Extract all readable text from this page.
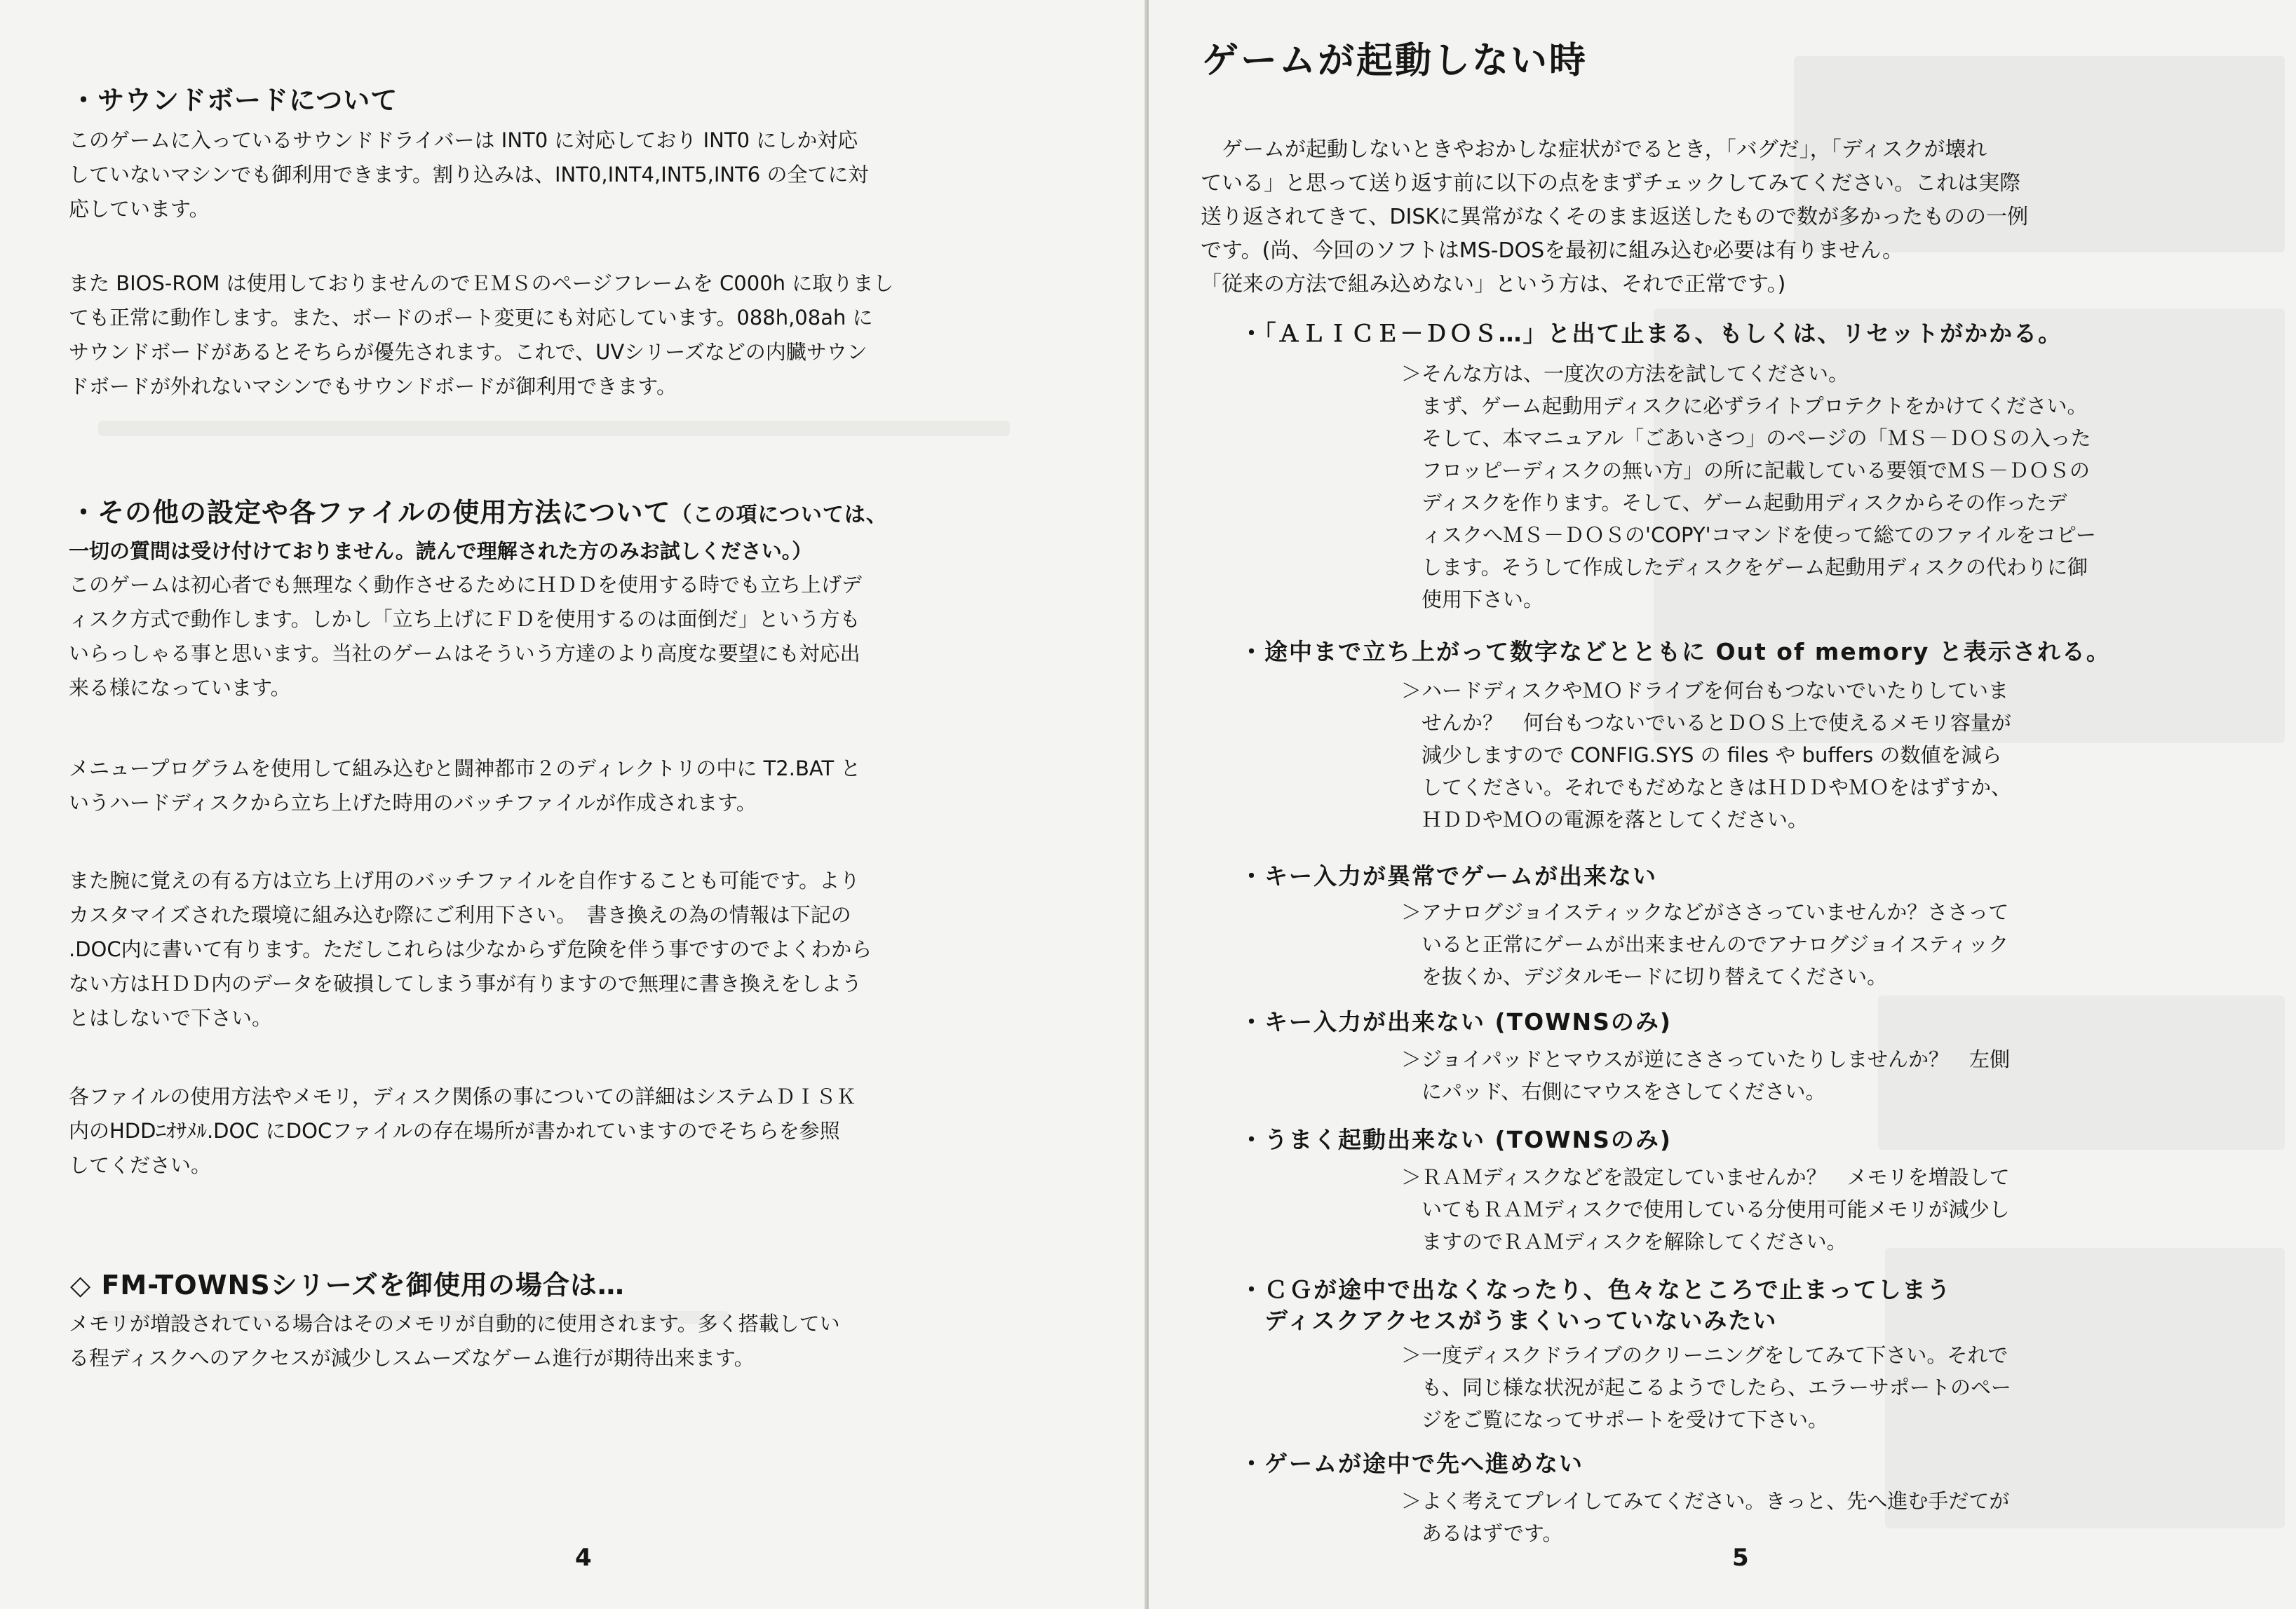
・サウンドボードについて
このゲームに入っているサウンドドライバーは INT0 に対応しており INT0 にしか対応
していないマシンでも御利用できます。割り込みは、INT0,INT4,INT5,INT6 の全てに対
応しています。
また BIOS-ROM は使用しておりませんのでＥＭＳのページフレームを C000h に取りまし
ても正常に動作します。また、ボードのポート変更にも対応しています。088h,08ah に
サウンドボードがあるとそちらが優先されます。これで、UVシリーズなどの内臓サウン
ドボードが外れないマシンでもサウンドボードが御利用できます。
・その他の設定や各ファイルの使用方法について（この項については、
一切の質問は受け付けておりません。読んで理解された方のみお試しください。）
このゲームは初心者でも無理なく動作させるためにＨＤＤを使用する時でも立ち上げデ
ィスク方式で動作します。しかし「立ち上げにＦＤを使用するのは面倒だ」という方も
いらっしゃる事と思います。当社のゲームはそういう方達のより高度な要望にも対応出
来る様になっています。
メニュープログラムを使用して組み込むと闘神都市２のディレクトリの中に T2.BAT と
いうハードディスクから立ち上げた時用のバッチファイルが作成されます。
また腕に覚えの有る方は立ち上げ用のバッチファイルを自作することも可能です。より
カスタマイズされた環境に組み込む際にご利用下さい。　書き換えの為の情報は下記の
.DOC内に書いて有ります。ただしこれらは少なからず危険を伴う事ですのでよくわから
ない方はＨＤＤ内のデータを破損してしまう事が有りますので無理に書き換えをしよう
とはしないで下さい。
各ファイルの使用方法やメモリ，ディスク関係の事についての詳細はシステムＤＩＳＫ
内のHDDﾆｵｻﾒﾙ.DOC にDOCファイルの存在場所が書かれていますのでそちらを参照
してください。
◇ FM-TOWNSシリーズを御使用の場合は…
メモリが増設されている場合はそのメモリが自動的に使用されます。多く搭載してい
る程ディスクへのアクセスが減少しスムーズなゲーム進行が期待出来ます。
4
ゲームが起動しない時
　ゲームが起動しないときやおかしな症状がでるとき，「バグだ」，「ディスクが壊れ
ている」と思って送り返す前に以下の点をまずチェックしてみてください。これは実際
送り返されてきて、DISKに異常がなくそのまま返送したもので数が多かったものの一例
です。(尚、今回のソフトはMS-DOSを最初に組み込む必要は有りません。
「従来の方法で組み込めない」という方は、それで正常です。)
・「ＡＬＩＣＥ－ＤＯＳ…」と出て止まる、もしくは、リセットがかかる。
＞そんな方は、一度次の方法を試してください。
　まず、ゲーム起動用ディスクに必ずライトプロテクトをかけてください。
　そして、本マニュアル「ごあいさつ」のページの「ＭＳ－ＤＯＳの入った
　フロッピーディスクの無い方」の所に記載している要領でＭＳ－ＤＯＳの
　ディスクを作ります。そして、ゲーム起動用ディスクからその作ったデ
　ィスクへＭＳ－ＤＯＳの'COPY'コマンドを使って総てのファイルをコピー
　します。そうして作成したディスクをゲーム起動用ディスクの代わりに御
　使用下さい。
・途中まで立ち上がって数字などとともに Out of memory と表示される。
＞ハードディスクやＭＯドライブを何台もつないでいたりしていま
　せんか？　何台もつないでいるとＤＯＳ上で使えるメモリ容量が
　減少しますので CONFIG.SYS の files や buffers の数値を減ら
　してください。それでもだめなときはＨＤＤやＭＯをはずすか、
　ＨＤＤやＭＯの電源を落としてください。
・キー入力が異常でゲームが出来ない
＞アナログジョイスティックなどがささっていませんか？ささって
　いると正常にゲームが出来ませんのでアナログジョイスティック
　を抜くか、デジタルモードに切り替えてください。
・キー入力が出来ない (TOWNSのみ)
＞ジョイパッドとマウスが逆にささっていたりしませんか？　左側
　にパッド、右側にマウスをさしてください。
・うまく起動出来ない (TOWNSのみ)
＞ＲＡＭディスクなどを設定していませんか？　メモリを増設して
　いてもＲＡＭディスクで使用している分使用可能メモリが減少し
　ますのでＲＡＭディスクを解除してください。
・ＣＧが途中で出なくなったり、色々なところで止まってしまう
　ディスクアクセスがうまくいっていないみたい
＞一度ディスクドライブのクリーニングをしてみて下さい。それで
　も、同じ様な状況が起こるようでしたら、エラーサポートのペー
　ジをご覧になってサポートを受けて下さい。
・ゲームが途中で先へ進めない
＞よく考えてプレイしてみてください。きっと、先へ進む手だてが
　あるはずです。
5
